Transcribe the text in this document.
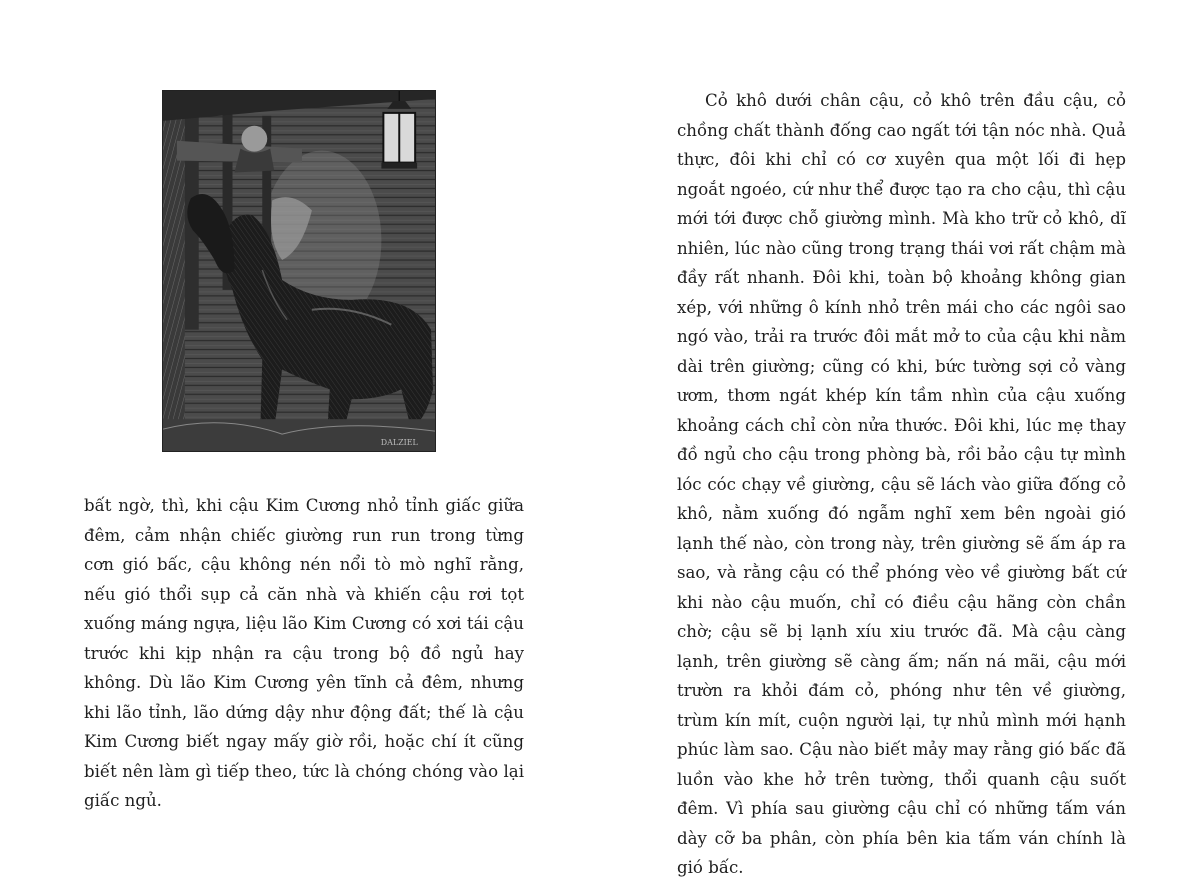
DALZIEL

bất ngờ, thì, khi cậu Kim Cương nhỏ tỉnh giấc giữa đêm, cảm nhận chiếc giường run run trong từng cơn gió bấc, cậu không nén nổi tò mò nghĩ rằng, nếu gió thổi sụp cả căn nhà và khiến cậu rơi tọt xuống máng ngựa, liệu lão Kim Cương có xơi tái cậu trước khi kịp nhận ra cậu trong bộ đồ ngủ hay không. Dù lão Kim Cương yên tĩnh cả đêm, nhưng khi lão tỉnh, lão dứng dậy như động đất; thế là cậu Kim Cương biết ngay mấy giờ rồi, hoặc chí ít cũng biết nên làm gì tiếp theo, tức là chóng chóng vào lại giấc ngủ.

Cỏ khô dưới chân cậu, cỏ khô trên đầu cậu, cỏ chồng chất thành đống cao ngất tới tận nóc nhà. Quả thực, đôi khi chỉ có cơ xuyên qua một lối đi hẹp ngoắt ngoéo, cứ như thể được tạo ra cho cậu, thì cậu mới tới được chỗ giường mình. Mà kho trữ cỏ khô, dĩ nhiên, lúc nào cũng trong trạng thái vơi rất chậm mà đầy rất nhanh. Đôi khi, toàn bộ khoảng không gian xép, với những ô kính nhỏ trên mái cho các ngôi sao ngó vào, trải ra trước đôi mắt mở to của cậu khi nằm dài trên giường; cũng có khi, bức tường sợi cỏ vàng ươm, thơm ngát khép kín tầm nhìn của cậu xuống khoảng cách chỉ còn nửa thước. Đôi khi, lúc mẹ thay đồ ngủ cho cậu trong phòng bà, rồi bảo cậu tự mình lóc cóc chạy về giường, cậu sẽ lách vào giữa đống cỏ khô, nằm xuống đó ngẫm nghĩ xem bên ngoài gió lạnh thế nào, còn trong này, trên giường sẽ ấm áp ra sao, và rằng cậu có thể phóng vèo về giường bất cứ khi nào cậu muốn, chỉ có điều cậu hãng còn chần chờ; cậu sẽ bị lạnh xíu xiu trước đã. Mà cậu càng lạnh, trên giường sẽ càng ấm; nấn ná mãi, cậu mới trườn ra khỏi đám cỏ, phóng như tên về giường, trùm kín mít, cuộn người lại, tự nhủ mình mới hạnh phúc làm sao. Cậu nào biết mảy may rằng gió bấc đã luồn vào khe hở trên tường, thổi quanh cậu suốt đêm. Vì phía sau giường cậu chỉ có những tấm ván dày cỡ ba phân, còn phía bên kia tấm ván chính là gió bấc.
